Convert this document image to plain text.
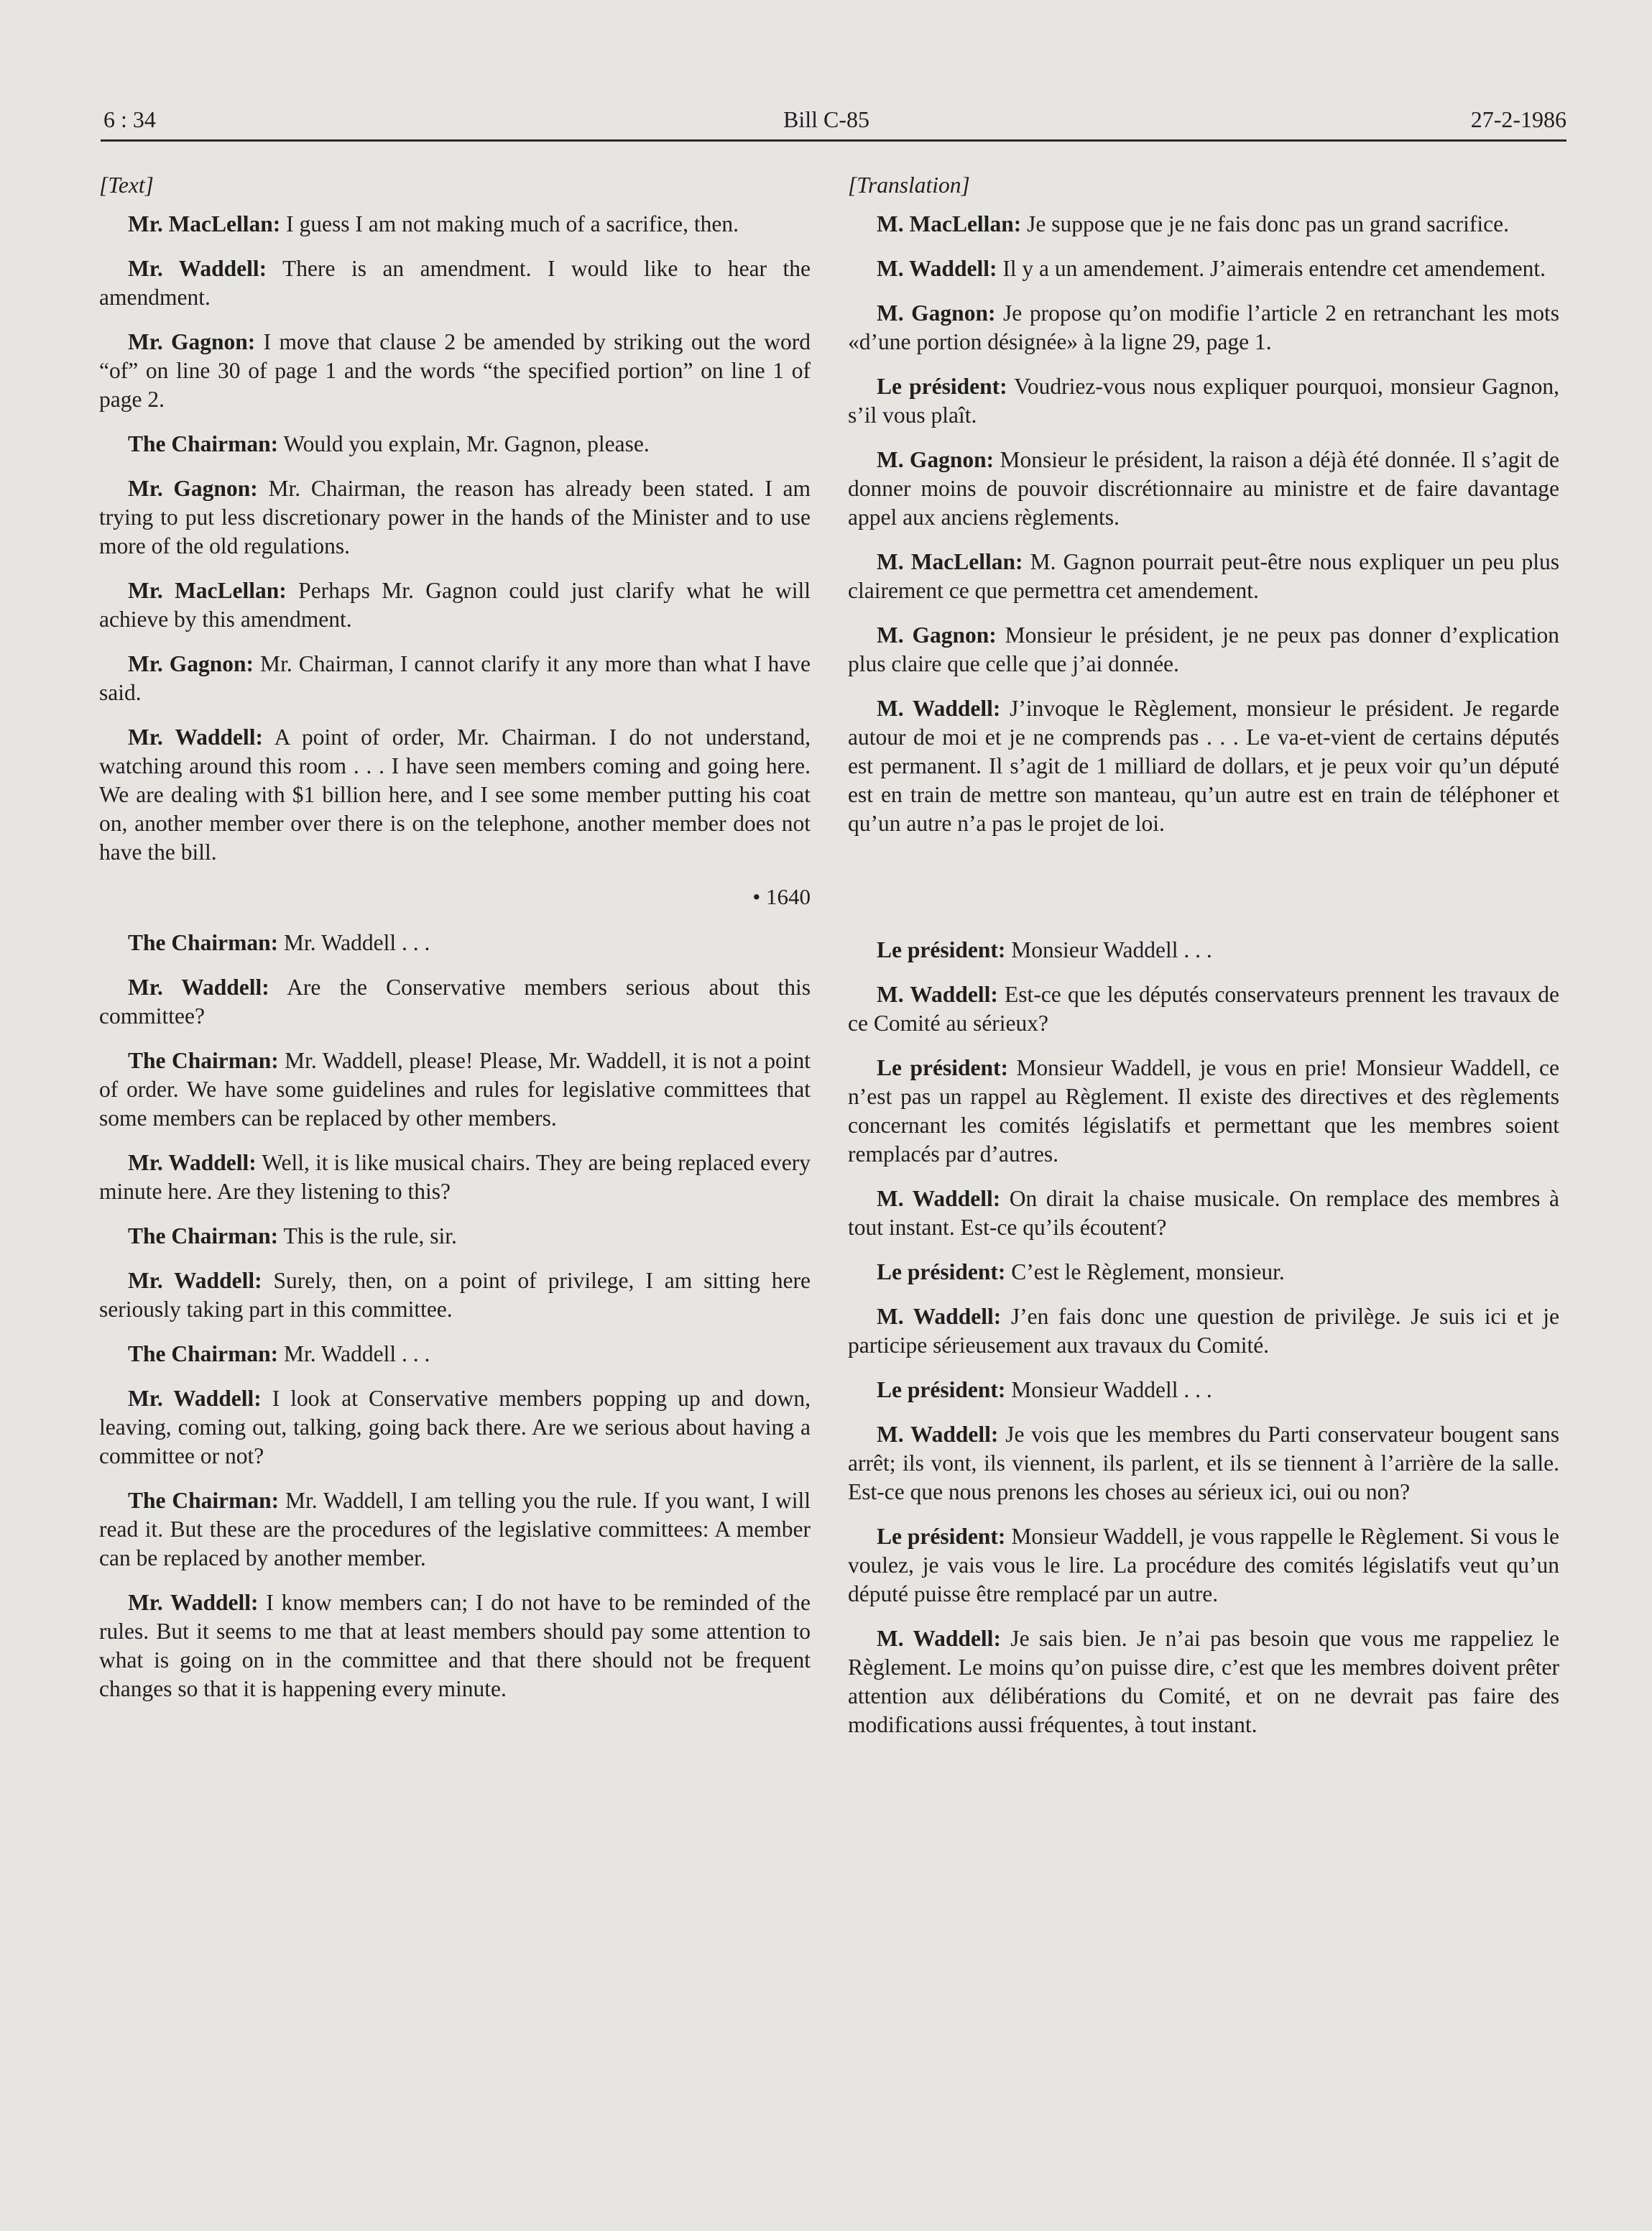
6 : 34	Bill C-85	27-2-1986
[Text]

Mr. MacLellan: I guess I am not making much of a sacrifice, then.

Mr. Waddell: There is an amendment. I would like to hear the amendment.

Mr. Gagnon: I move that clause 2 be amended by striking out the word “of” on line 30 of page 1 and the words “the specified portion” on line 1 of page 2.

The Chairman: Would you explain, Mr. Gagnon, please.

Mr. Gagnon: Mr. Chairman, the reason has already been stated. I am trying to put less discretionary power in the hands of the Minister and to use more of the old regulations.

Mr. MacLellan: Perhaps Mr. Gagnon could just clarify what he will achieve by this amendment.

Mr. Gagnon: Mr. Chairman, I cannot clarify it any more than what I have said.

Mr. Waddell: A point of order, Mr. Chairman. I do not understand, watching around this room . . . I have seen members coming and going here. We are dealing with $1 billion here, and I see some member putting his coat on, another member over there is on the telephone, another member does not have the bill.

• 1640

The Chairman: Mr. Waddell . . .

Mr. Waddell: Are the Conservative members serious about this committee?

The Chairman: Mr. Waddell, please! Please, Mr. Waddell, it is not a point of order. We have some guidelines and rules for legislative committees that some members can be replaced by other members.

Mr. Waddell: Well, it is like musical chairs. They are being replaced every minute here. Are they listening to this?

The Chairman: This is the rule, sir.

Mr. Waddell: Surely, then, on a point of privilege, I am sitting here seriously taking part in this committee.

The Chairman: Mr. Waddell . . .

Mr. Waddell: I look at Conservative members popping up and down, leaving, coming out, talking, going back there. Are we serious about having a committee or not?

The Chairman: Mr. Waddell, I am telling you the rule. If you want, I will read it. But these are the procedures of the legislative committees: A member can be replaced by another member.

Mr. Waddell: I know members can; I do not have to be reminded of the rules. But it seems to me that at least members should pay some attention to what is going on in the committee and that there should not be frequent changes so that it is happening every minute.

[Translation]

M. MacLellan: Je suppose que je ne fais donc pas un grand sacrifice.

M. Waddell: Il y a un amendement. J’aimerais entendre cet amendement.

M. Gagnon: Je propose qu’on modifie l’article 2 en retranchant les mots «d’une portion désignée» à la ligne 29, page 1.

Le président: Voudriez-vous nous expliquer pourquoi, monsieur Gagnon, s’il vous plaît.

M. Gagnon: Monsieur le président, la raison a déjà été donnée. Il s’agit de donner moins de pouvoir discrétionnaire au ministre et de faire davantage appel aux anciens règlements.

M. MacLellan: M. Gagnon pourrait peut-être nous expliquer un peu plus clairement ce que permettra cet amendement.

M. Gagnon: Monsieur le président, je ne peux pas donner d’explication plus claire que celle que j’ai donnée.

M. Waddell: J’invoque le Règlement, monsieur le président. Je regarde autour de moi et je ne comprends pas . . . Le va-et-vient de certains députés est permanent. Il s’agit de 1 milliard de dollars, et je peux voir qu’un député est en train de mettre son manteau, qu’un autre est en train de téléphoner et qu’un autre n’a pas le projet de loi.

Le président: Monsieur Waddell . . .

M. Waddell: Est-ce que les députés conservateurs prennent les travaux de ce Comité au sérieux?

Le président: Monsieur Waddell, je vous en prie! Monsieur Waddell, ce n’est pas un rappel au Règlement. Il existe des directives et des règlements concernant les comités législatifs et permettant que les membres soient remplacés par d’autres.

M. Waddell: On dirait la chaise musicale. On remplace des membres à tout instant. Est-ce qu’ils écoutent?

Le président: C’est le Règlement, monsieur.

M. Waddell: J’en fais donc une question de privilège. Je suis ici et je participe sérieusement aux travaux du Comité.

Le président: Monsieur Waddell . . .

M. Waddell: Je vois que les membres du Parti conservateur bougent sans arrêt; ils vont, ils viennent, ils parlent, et ils se tiennent à l’arrière de la salle. Est-ce que nous prenons les choses au sérieux ici, oui ou non?

Le président: Monsieur Waddell, je vous rappelle le Règlement. Si vous le voulez, je vais vous le lire. La procédure des comités législatifs veut qu’un député puisse être remplacé par un autre.

M. Waddell: Je sais bien. Je n’ai pas besoin que vous me rappeliez le Règlement. Le moins qu’on puisse dire, c’est que les membres doivent prêter attention aux délibérations du Comité, et on ne devrait pas faire des modifications aussi fréquentes, à tout instant.
